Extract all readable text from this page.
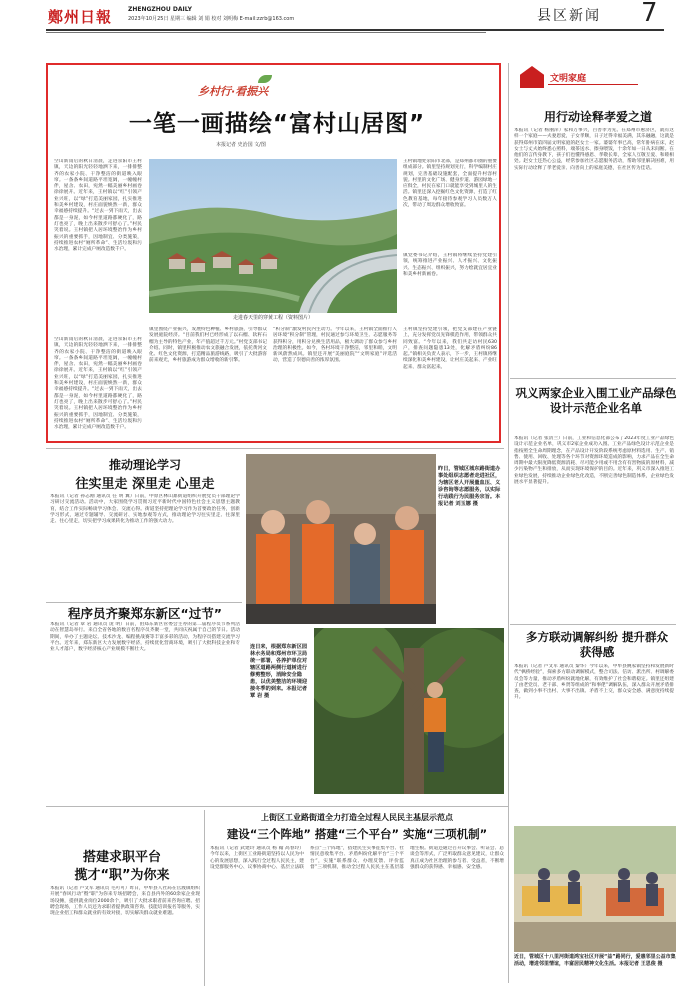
鄭州日報	ZHENGZHOU DAILY
2023年10月25日 星期三 编辑 刘 娟 校对 刘明梅 E-mail:zzrb@163.com	县区新闻 7
乡村行·看振兴
一笔一画描绘“富村山居图”
本报记者 史治国 文/图
空山新雨后的秋日清晨，走进荥阳市王村镇，天边的阳光轻轻地洒下来，一排排整齐的农家小院、干净整洁的街道映入眼帘。一条条乡间道路平坦宽阔，一幢幢村伴，屋舍、农田，宛然一幅美丽乡村画卷徐徐展开。近年来，王村镇以“红”引领产业兴旺，以“绿”打造美丽家园，扎实推进和美乡村建设，村庄面貌焕然一新，群众幸福感持续提升。“过去一到下雨天，出去都是一身泥，如今村里道路都硬化了，路灯也亮了，晚上出来散步可舒心了。”村民笑着说。王村镇把人居环境整治作为乡村振兴的重要抓手，因地制宜、分类施策，持续推进农村“厕所革命”、生活垃圾和污水治理，累计完成户厕改造数千户。
走进春天里的穿黄工程（资料图片）
王村镇地处荥阳市北部，是郑州都市圈的重要组成部分。镇里坚持规划先行，科学编制村庄规划，完善基础设施配套，全面提升村容村貌。村里的文化广场、健身步道、游园绿地一应俱全，村民在家门口就能享受到城里人的生活。镇里还深入挖掘红色文化资源，打造了红色教育基地，每年接待参观学习人员数万人次，带动了周边群众增收致富。
镇党委书记介绍，王村镇将继续坚持党建引领，统筹推进产业振兴、人才振兴、文化振兴、生态振兴、组织振兴，努力绘就宜居宜业和美乡村新画卷。
镇里围绕产业振兴，发展特色种植、乡村旅游，引导群众发展庭院经济。“目前我们村已经形成了以石榴、软籽石榴为主导的特色产业，年产值超过千万元。”村党支部书记介绍。同时，镇里积极推动农文旅融合发展，依托黄河文化、红色文化资源，打造精品旅游线路，吸引了大批游客前来观光，乡村旅游成为群众增收的新引擎。
“积分制”激发村民内生动力。今年以来，王村镇全面推行人居环境“积分制”管理，村民通过参与环境卫生、志愿服务等获得积分，用积分兑换生活用品，极大调动了群众参与乡村治理的积极性。如今，各村环境干净整洁，邻里和睦，文明新风蔚然成风。镇里还开展“美丽庭院”“文明家庭”评选活动，营造了崇德向善的浓厚氛围。
王村镇坚持党建引领，把党支部建在产业链上，充分发挥党员先锋模范作用，带领群众共同致富。“今年以来，我们共走访村民630户，排查问题隐患13处，化解矛盾纠纷86起。”镇相关负责人表示，下一步，王村镇将继续深化和美乡村建设，让村庄美起来、产业旺起来、群众富起来。
空山新雨后的秋日清晨，走进荥阳市王村镇，天边的阳光轻轻地洒下来，一排排整齐的农家小院、干净整洁的街道映入眼帘。一条条乡间道路平坦宽阔，一幢幢村伴，屋舍、农田，宛然一幅美丽乡村画卷徐徐展开。近年来，王村镇以“红”引领产业兴旺，以“绿”打造美丽家园，扎实推进和美乡村建设，村庄面貌焕然一新，群众幸福感持续提升。“过去一到下雨天，出去都是一身泥，如今村里道路都硬化了，路灯也亮了，晚上出来散步可舒心了。”村民笑着说。王村镇把人居环境整治作为乡村振兴的重要抓手，因地制宜、分类施策，持续推进农村“厕所革命”、生活垃圾和污水治理，累计完成户厕改造数千户。
文明家庭
用行动诠释孝爱之道
本报讯（记者 杨丽萍）家和万事兴，百善孝为先。在郑州市惠济区，就有这样一个家庭——夫妻恩爱，子女孝顺，日子过得幸福美满，其乐融融，这就是获得郑州市第四届文明家庭的赵女士一家。婆婆年事已高，常年卧病在床，赵女士与丈夫始终悉心照料，端茶送水、擦身喂饭，十余年如一日从未间断。在他们的言传身教下，孩子们也懂得感恩、孝敬长辈，全家人互敬互爱、和睦相处。赵女士还热心公益，经常参加社区志愿服务活动，帮助邻里解决困难，用实际行动诠释了孝老爱亲、向善向上的家庭美德，在社区传为佳话。
巩义两家企业入围工业产品绿色设计示范企业名单
本报讯（记者 张清兰）日前，工业和信息化部公布了2023年度工业产品绿色设计示范企业名单，巩义市2家企业成功入围。工业产品绿色设计示范企业是指按照全生命周期理念，在产品设计开发阶段系统考虑原材料选用、生产、销售、使用、回收、处理等各个环节对资源环境造成的影响，力求产品在全生命周期中最大限度降低资源消耗、尽可能少用或不用含有有害物质的原材料，减少污染物产生和排放，从而实现环境保护的目的。近年来，巩义市深入推进工业绿色发展，持续推动企业绿色化改造，不断完善绿色制造体系，企业绿色发展水平显著提升。
多方联动调解纠纷 提升群众获得感
本报讯（记者 卢文军 通讯员 秦华）今年以来，中牟县姚家镇坚持和发展新时代“枫桥经验”，探索多方联动调解模式，整合司法、信访、派出所、村调解委员会等力量，推动矛盾纠纷就地化解，有效维护了社会和谐稳定。镇里还组建了由老党员、老干部、乡贤等组成的“和事佬”调解队伍，深入群众开展矛盾排查，做到小事不出村、大事不出镇、矛盾不上交，群众安全感、满意度持续提升。
近日，管城区十八里河街道鸿宝社区开展“益”路同行，爱惠邻里公益市集活动，增进邻里情谊，丰富居民精神文化生活。本报记者 王思俊 摄
推动理论学习
往实里走 深里走 心里走
本报讯（记者 孙志刚 通讯员 任 明 翼）日前，中原区林山寨街道组织开展党员干部理论学习研讨交流活动。活动中，大家围绕学习贯彻习近平新时代中国特色社会主义思想主题教育，结合工作实际畅谈学习体会、交流心得。街道坚持把理论学习作为首要政治任务，创新学习形式，通过专题辅导、交流研讨、实地参观等方式，推动理论学习往实里走、往深里走、往心里走，切实把学习成果转化为推动工作的强大动力。
昨日，管城区城东路街道办事处组织志愿者走进社区，为辖区老人开展量血压、义诊咨询等志愿服务，以实际行动践行为民服务宗旨。本报记者 刘玉娜 摄
程序员齐聚郑东新区“过节”
本报讯（记者 覃 岩 通讯员 庞 明）日前，由郑东新区管委会主办的第二届程序员节系列活动在智慧岛举行。来自全省各地的数百名程序员齐聚一堂，共同庆祝属于自己的节日。活动期间，举办了主题论坛、技术沙龙、编程挑战赛等丰富多彩的活动，为程序员搭建交流学习平台。近年来，郑东新区大力发展数字经济，持续优化营商环境，吸引了大批科技企业和专业人才落户，数字经济核心产业规模不断壮大。	连日来，根据郑东新区园林水务局和郑州市环卫局统一部署，各养护单位对辖区道路两侧行道树进行修剪整形，消除安全隐患，以优美整洁的环境迎接冬季的到来。本报记者 覃 岩 摄
搭建求职平台
揽才“职”为你来
本报讯（记者 卢文军 通讯员 毛可可）昨日，中牟县人社局在官渡镇组织开展“春风行动”暨“职”为你来专场招聘会，来自县内外的60余家企业现场设摊，提供就业岗位2000余个，吸引了大批求职者前来咨询应聘。招聘会现场，工作人员还为求职者提供政策咨询、技能培训报名等服务，实现企业招工和群众就业的有效对接，切实解决群众就业难题。
上街区工业路街道全力打造全过程人民民主基层示范点
建设“三个阵地” 搭建“三个平台” 实施“三项机制”
本报讯（记者 武建玲 通讯员 杨 翰 高春玲）今年以来，上街区工业路街道坚持以人民为中心的发展思想，深入践行全过程人民民主，建设党群服务中心、议事协商中心、基层立法联系点“三个阵地”，搭建民生实事征集平台、社情民意收集平台、矛盾纠纷化解平台“三个平台”，实施“联系群众、办理反馈、评价监督”三项机制，推动全过程人民民主在基层落地生根。街道还通过召开议事会、听证会、恳谈会等形式，广泛听取群众意见建议，让群众真正成为社区治理的参与者、受益者，不断增强群众的获得感、幸福感、安全感。
